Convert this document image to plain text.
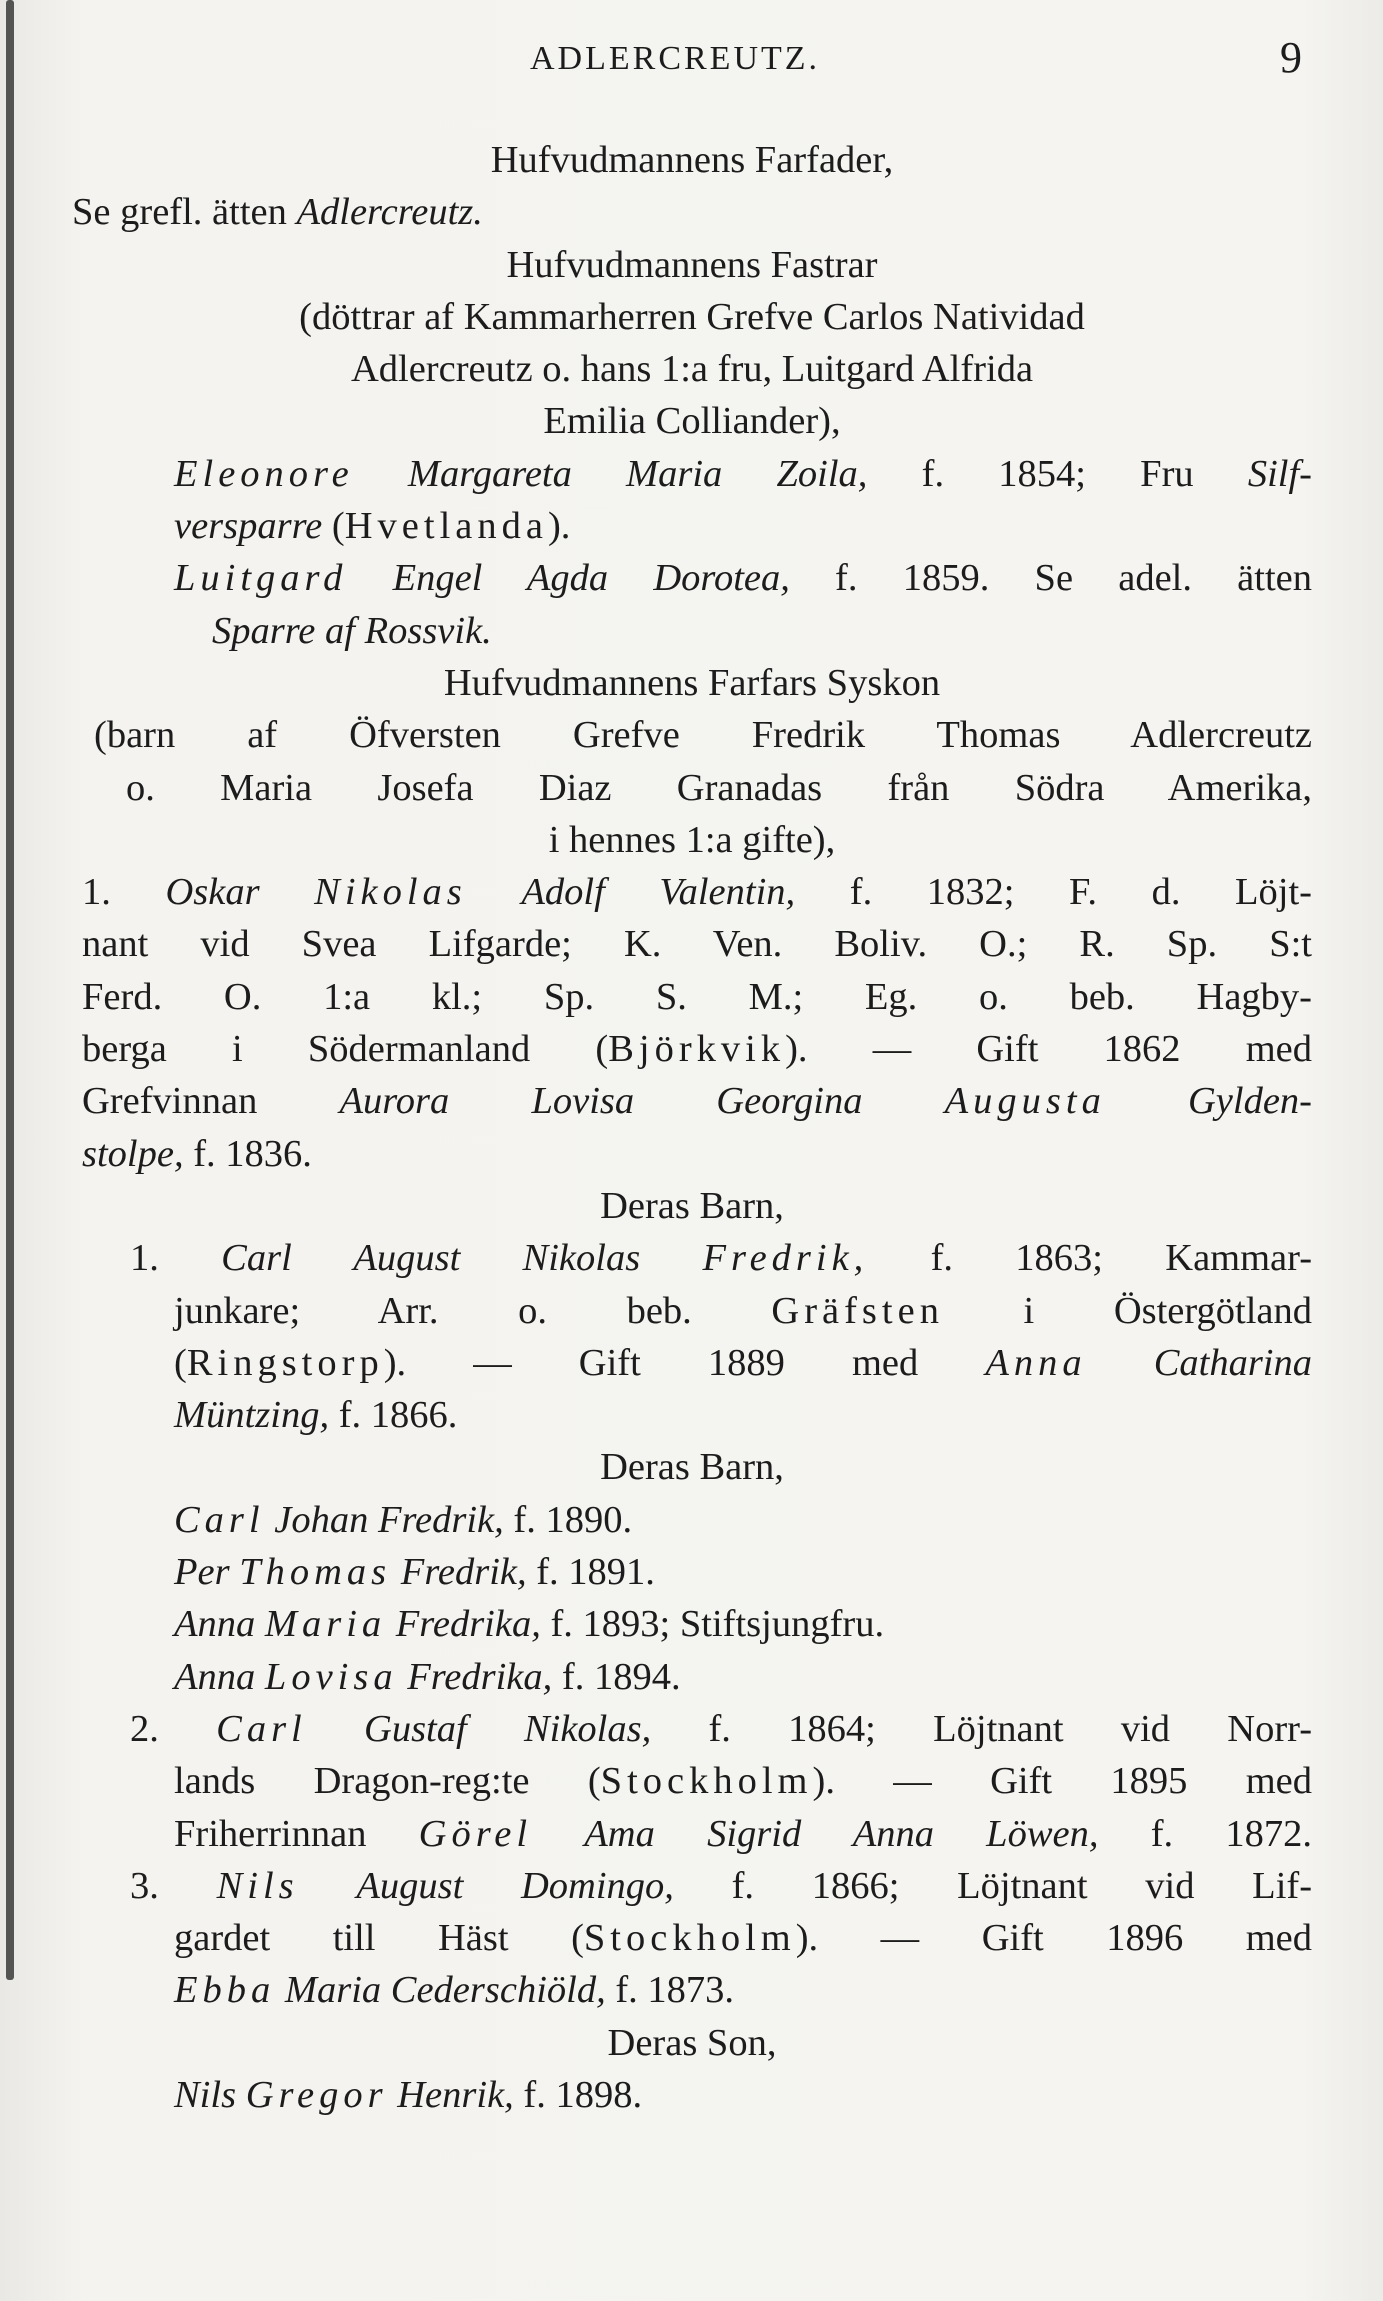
ADLERCREUTZ.	9
Hufvudmannens Farfader,
Se grefl. ätten Adlercreutz.
Hufvudmannens Fastrar
(döttrar af Kammarherren Grefve Carlos Natividad
Adlercreutz o. hans 1:a fru, Luitgard Alfrida
Emilia Colliander),
Eleonore Margareta Maria Zoila, f. 1854; Fru Silf-
versparre (Hvetlanda).
Luitgard Engel Agda Dorotea, f. 1859. Se adel. ätten
Sparre af Rossvik.
Hufvudmannens Farfars Syskon
(barn af Öfversten Grefve Fredrik Thomas Adlercreutz
o. Maria Josefa Diaz Granadas från Södra Amerika,
i hennes 1:a gifte),
1. Oskar Nikolas Adolf Valentin, f. 1832; F. d. Löjt-
nant vid Svea Lifgarde; K. Ven. Boliv. O.; R. Sp. S:t
Ferd. O. 1:a kl.; Sp. S. M.; Eg. o. beb. Hagby-
berga i Södermanland (Björkvik). — Gift 1862 med
Grefvinnan Aurora Lovisa Georgina Augusta Gylden-
stolpe, f. 1836.
Deras Barn,
1. Carl August Nikolas Fredrik, f. 1863; Kammar-
junkare; Arr. o. beb. Gräfsten i Östergötland
(Ringstorp). — Gift 1889 med Anna Catharina
Müntzing, f. 1866.
Deras Barn,
Carl Johan Fredrik, f. 1890.
Per Thomas Fredrik, f. 1891.
Anna Maria Fredrika, f. 1893; Stiftsjungfru.
Anna Lovisa Fredrika, f. 1894.
2. Carl Gustaf Nikolas, f. 1864; Löjtnant vid Norr-
lands Dragon-reg:te (Stockholm). — Gift 1895 med
Friherrinnan Görel Ama Sigrid Anna Löwen, f. 1872.
3. Nils August Domingo, f. 1866; Löjtnant vid Lif-
gardet till Häst (Stockholm). — Gift 1896 med
Ebba Maria Cederschiöld, f. 1873.
Deras Son,
Nils Gregor Henrik, f. 1898.
